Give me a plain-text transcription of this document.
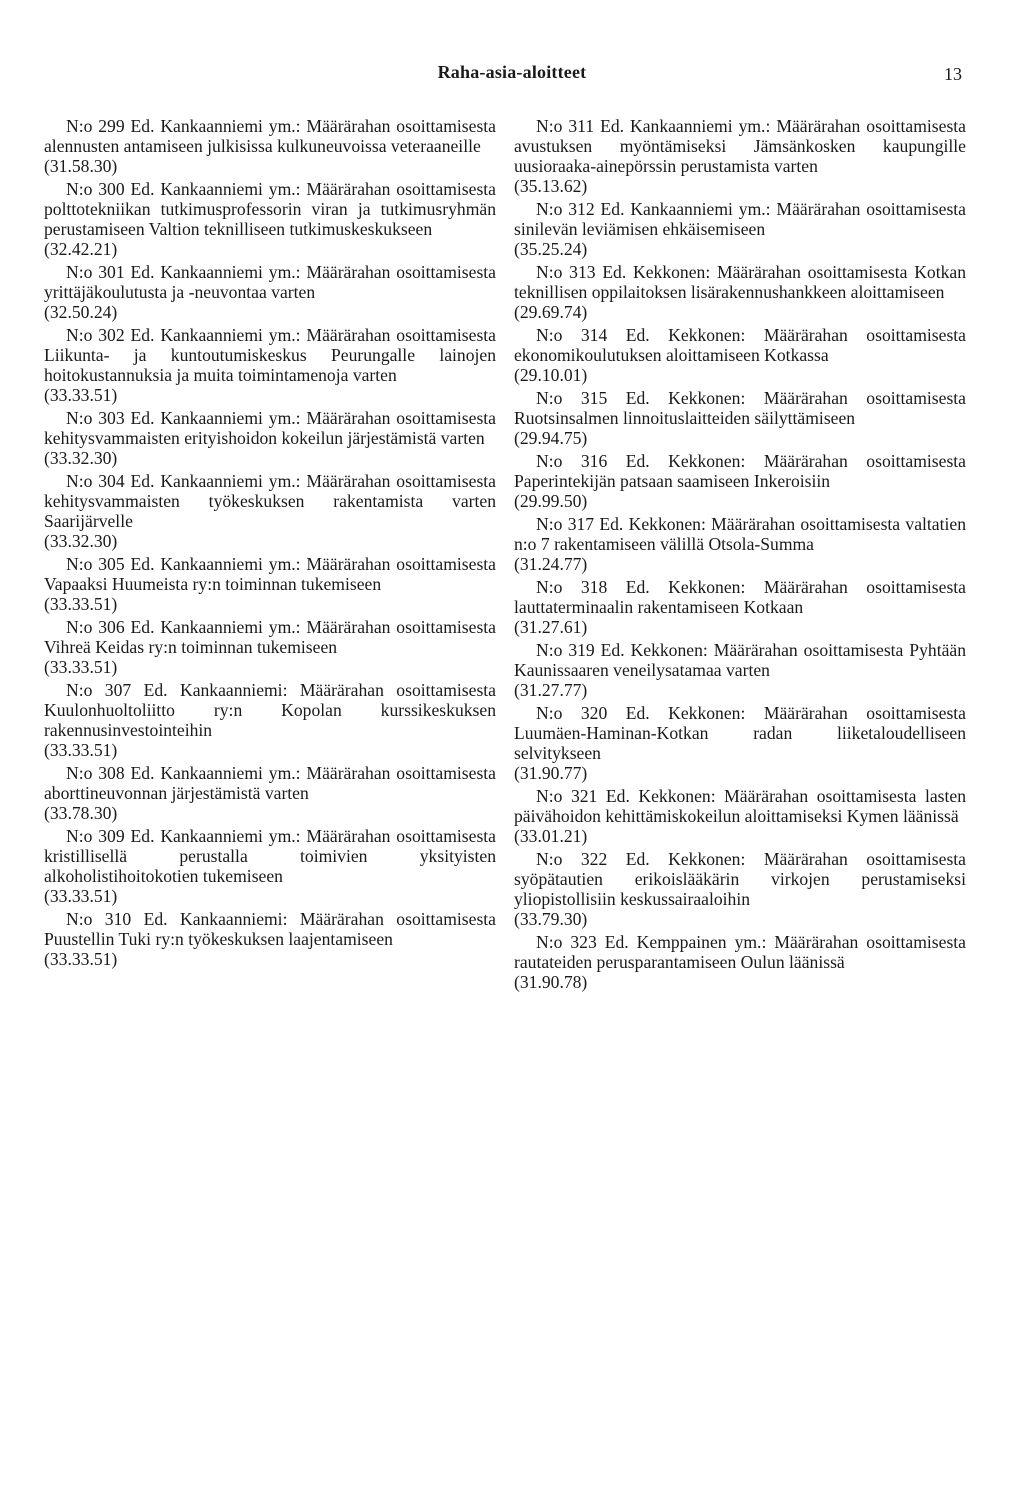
Raha-asia-aloitteet	13
N:o 299 Ed. Kankaanniemi ym.: Määrärahan osoittamisesta alennusten antamiseen julkisissa kulkuneuvoissa veteraaneille
(31.58.30)
N:o 300 Ed. Kankaanniemi ym.: Määrärahan osoittamisesta polttotekniikan tutkimusprofessorin viran ja tutkimusryhmän perustamiseen Valtion teknilliseen tutkimuskeskukseen
(32.42.21)
N:o 301 Ed. Kankaanniemi ym.: Määrärahan osoittamisesta yrittäjäkoulutusta ja -neuvontaa varten
(32.50.24)
N:o 302 Ed. Kankaanniemi ym.: Määrärahan osoittamisesta Liikunta- ja kuntoutumiskeskus Peurungalle lainojen hoitokustannuksia ja muita toimintamenoja varten
(33.33.51)
N:o 303 Ed. Kankaanniemi ym.: Määrärahan osoittamisesta kehitysvammaisten erityishoidon kokeilun järjestämistä varten
(33.32.30)
N:o 304 Ed. Kankaanniemi ym.: Määrärahan osoittamisesta kehitysvammaisten työkeskuksen rakentamista varten Saarijärvelle
(33.32.30)
N:o 305 Ed. Kankaanniemi ym.: Määrärahan osoittamisesta Vapaaksi Huumeista ry:n toiminnan tukemiseen
(33.33.51)
N:o 306 Ed. Kankaanniemi ym.: Määrärahan osoittamisesta Vihreä Keidas ry:n toiminnan tukemiseen
(33.33.51)
N:o 307 Ed. Kankaanniemi: Määrärahan osoittamisesta Kuulonhuoltoliitto ry:n Kopolan kurssikeskuksen rakennusinvestointeihin
(33.33.51)
N:o 308 Ed. Kankaanniemi ym.: Määrärahan osoittamisesta aborttineuvonnan järjestämistä varten
(33.78.30)
N:o 309 Ed. Kankaanniemi ym.: Määrärahan osoittamisesta kristillisellä perustalla toimivien yksityisten alkoholistihoitokotien tukemiseen
(33.33.51)
N:o 310 Ed. Kankaanniemi: Määrärahan osoittamisesta Puustellin Tuki ry:n työkeskuksen laajentamiseen
(33.33.51)
N:o 311 Ed. Kankaanniemi ym.: Määrärahan osoittamisesta avustuksen myöntämiseksi Jämsänkosken kaupungille uusioraaka-ainepörssin perustamista varten
(35.13.62)
N:o 312 Ed. Kankaanniemi ym.: Määrärahan osoittamisesta sinilevän leviämisen ehkäisemiseen
(35.25.24)
N:o 313 Ed. Kekkonen: Määrärahan osoittamisesta Kotkan teknillisen oppilaitoksen lisärakennushankkeen aloittamiseen
(29.69.74)
N:o 314 Ed. Kekkonen: Määrärahan osoittamisesta ekonomikoulutuksen aloittamiseen Kotkassa
(29.10.01)
N:o 315 Ed. Kekkonen: Määrärahan osoittamisesta Ruotsinsalmen linnoituslaitteiden säilyttämiseen
(29.94.75)
N:o 316 Ed. Kekkonen: Määrärahan osoittamisesta Paperintekijän patsaan saamiseen Inkeroisiin
(29.99.50)
N:o 317 Ed. Kekkonen: Määrärahan osoittamisesta valtatien n:o 7 rakentamiseen välillä Otsola-Summa
(31.24.77)
N:o 318 Ed. Kekkonen: Määrärahan osoittamisesta lauttaterminaalin rakentamiseen Kotkaan
(31.27.61)
N:o 319 Ed. Kekkonen: Määrärahan osoittamisesta Pyhtään Kaunissaaren veneilysatamaa varten
(31.27.77)
N:o 320 Ed. Kekkonen: Määrärahan osoittamisesta Luumäen-Haminan-Kotkan radan liiketaloudelliseen selvitykseen
(31.90.77)
N:o 321 Ed. Kekkonen: Määrärahan osoittamisesta lasten päivähoidon kehittämiskokeilun aloittamiseksi Kymen läänissä
(33.01.21)
N:o 322 Ed. Kekkonen: Määrärahan osoittamisesta syöpätautien erikoislääkärin virkojen perustamiseksi yliopistollisiin keskussairaaloihin
(33.79.30)
N:o 323 Ed. Kemppainen ym.: Määrärahan osoittamisesta rautateiden perusparantamiseen Oulun läänissä
(31.90.78)
